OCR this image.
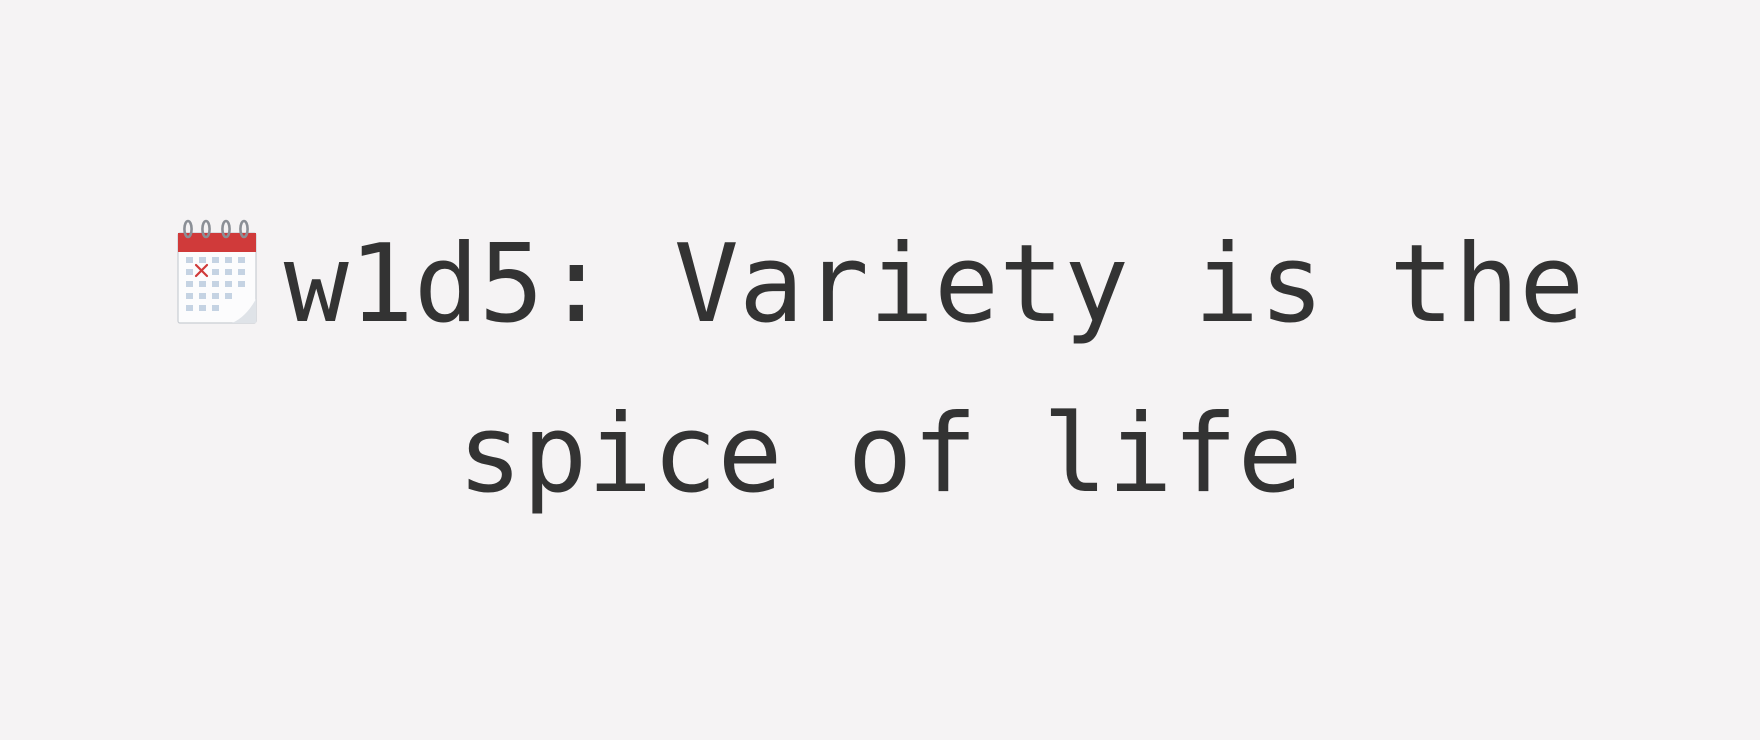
w1d5: Variety is the spice of life
